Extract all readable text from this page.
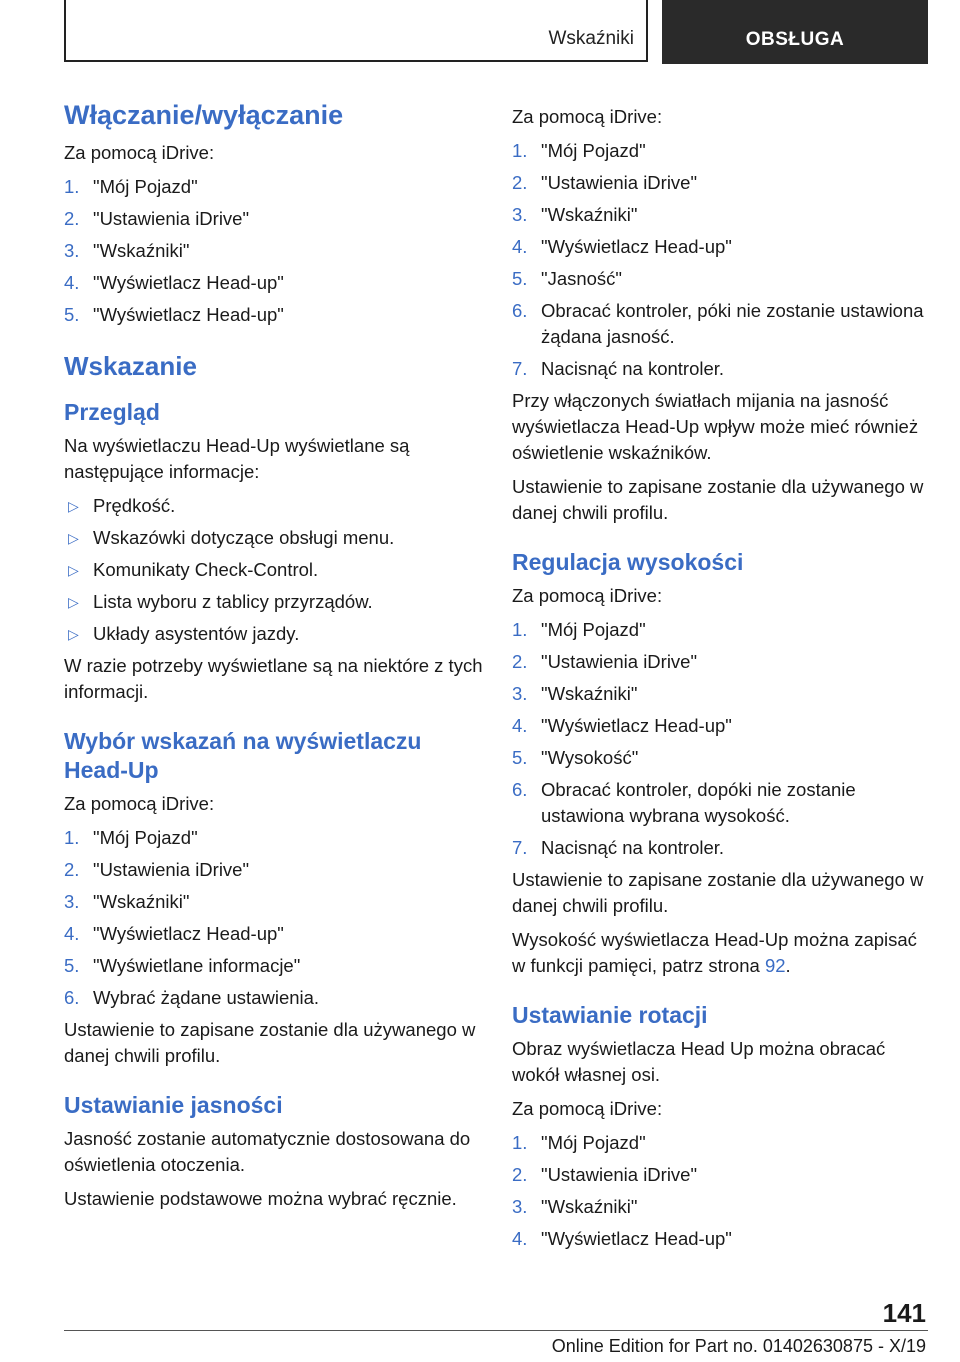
Wskaźniki	OBSŁUGA
Włączanie/wyłączanie

Za pomocą iDrive:

1. "Mój Pojazd"
2. "Ustawienia iDrive"
3. "Wskaźniki"
4. "Wyświetlacz Head-up"
5. "Wyświetlacz Head-up"
Wskazanie
Przegląd

Na wyświetlaczu Head-Up wyświetlane są następujące informacje:

▷ Prędkość.
▷ Wskazówki dotyczące obsługi menu.
▷ Komunikaty Check-Control.
▷ Lista wyboru z tablicy przyrządów.
▷ Układy asystentów jazdy.

W razie potrzeby wyświetlane są na niektóre z tych informacji.

Wybór wskazań na wyświetlaczu Head-Up

Za pomocą iDrive:

1. "Mój Pojazd"
2. "Ustawienia iDrive"
3. "Wskaźniki"
4. "Wyświetlacz Head-up"
5. "Wyświetlane informacje"
6. Wybrać żądane ustawienia.

Ustawienie to zapisane zostanie dla używanego w danej chwili profilu.

Ustawianie jasności

Jasność zostanie automatycznie dostosowana do oświetlenia otoczenia.

Ustawienie podstawowe można wybrać ręcznie.

Za pomocą iDrive:

1. "Mój Pojazd"
2. "Ustawienia iDrive"
3. "Wskaźniki"
4. "Wyświetlacz Head-up"
5. "Jasność"
6. Obracać kontroler, póki nie zostanie ustawiona żądana jasność.
7. Nacisnąć na kontroler.

Przy włączonych światłach mijania na jasność wyświetlacza Head-Up wpływ może mieć również oświetlenie wskaźników.

Ustawienie to zapisane zostanie dla używanego w danej chwili profilu.

Regulacja wysokości

Za pomocą iDrive:

1. "Mój Pojazd"
2. "Ustawienia iDrive"
3. "Wskaźniki"
4. "Wyświetlacz Head-up"
5. "Wysokość"
6. Obracać kontroler, dopóki nie zostanie ustawiona wybrana wysokość.
7. Nacisnąć na kontroler.

Ustawienie to zapisane zostanie dla używanego w danej chwili profilu.

Wysokość wyświetlacza Head-Up można zapisać w funkcji pamięci, patrz strona 92.

Ustawianie rotacji

Obraz wyświetlacza Head Up można obracać wokół własnej osi.

Za pomocą iDrive:

1. "Mój Pojazd"
2. "Ustawienia iDrive"
3. "Wskaźniki"
4. "Wyświetlacz Head-up"
141
Online Edition for Part no. 01402630875 - X/19
